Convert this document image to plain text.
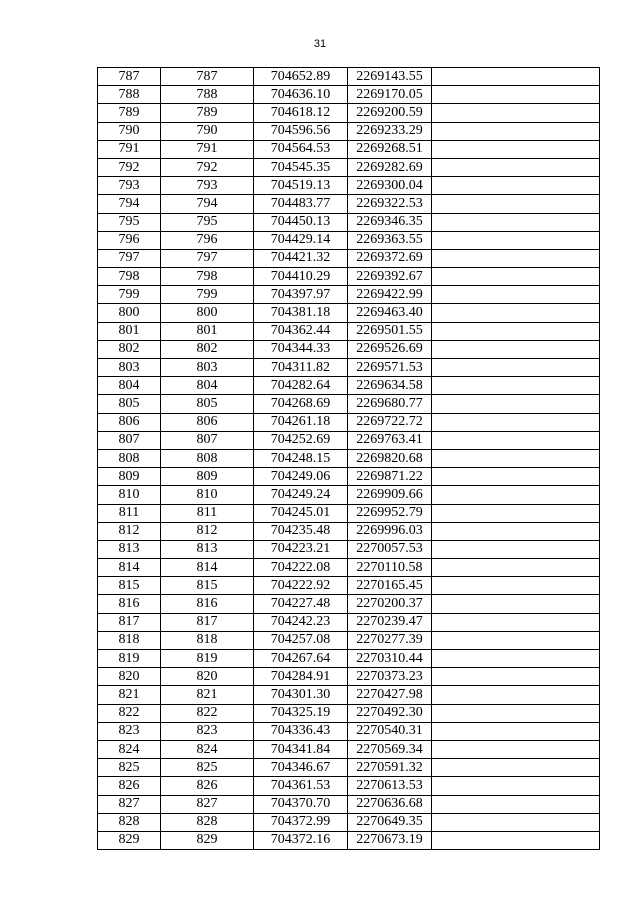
31
787	787	704652.89	2269143.55	
788	788	704636.10	2269170.05	
789	789	704618.12	2269200.59	
790	790	704596.56	2269233.29	
791	791	704564.53	2269268.51	
792	792	704545.35	2269282.69	
793	793	704519.13	2269300.04	
794	794	704483.77	2269322.53	
795	795	704450.13	2269346.35	
796	796	704429.14	2269363.55	
797	797	704421.32	2269372.69	
798	798	704410.29	2269392.67	
799	799	704397.97	2269422.99	
800	800	704381.18	2269463.40	
801	801	704362.44	2269501.55	
802	802	704344.33	2269526.69	
803	803	704311.82	2269571.53	
804	804	704282.64	2269634.58	
805	805	704268.69	2269680.77	
806	806	704261.18	2269722.72	
807	807	704252.69	2269763.41	
808	808	704248.15	2269820.68	
809	809	704249.06	2269871.22	
810	810	704249.24	2269909.66	
811	811	704245.01	2269952.79	
812	812	704235.48	2269996.03	
813	813	704223.21	2270057.53	
814	814	704222.08	2270110.58	
815	815	704222.92	2270165.45	
816	816	704227.48	2270200.37	
817	817	704242.23	2270239.47	
818	818	704257.08	2270277.39	
819	819	704267.64	2270310.44	
820	820	704284.91	2270373.23	
821	821	704301.30	2270427.98	
822	822	704325.19	2270492.30	
823	823	704336.43	2270540.31	
824	824	704341.84	2270569.34	
825	825	704346.67	2270591.32	
826	826	704361.53	2270613.53	
827	827	704370.70	2270636.68	
828	828	704372.99	2270649.35	
829	829	704372.16	2270673.19	
